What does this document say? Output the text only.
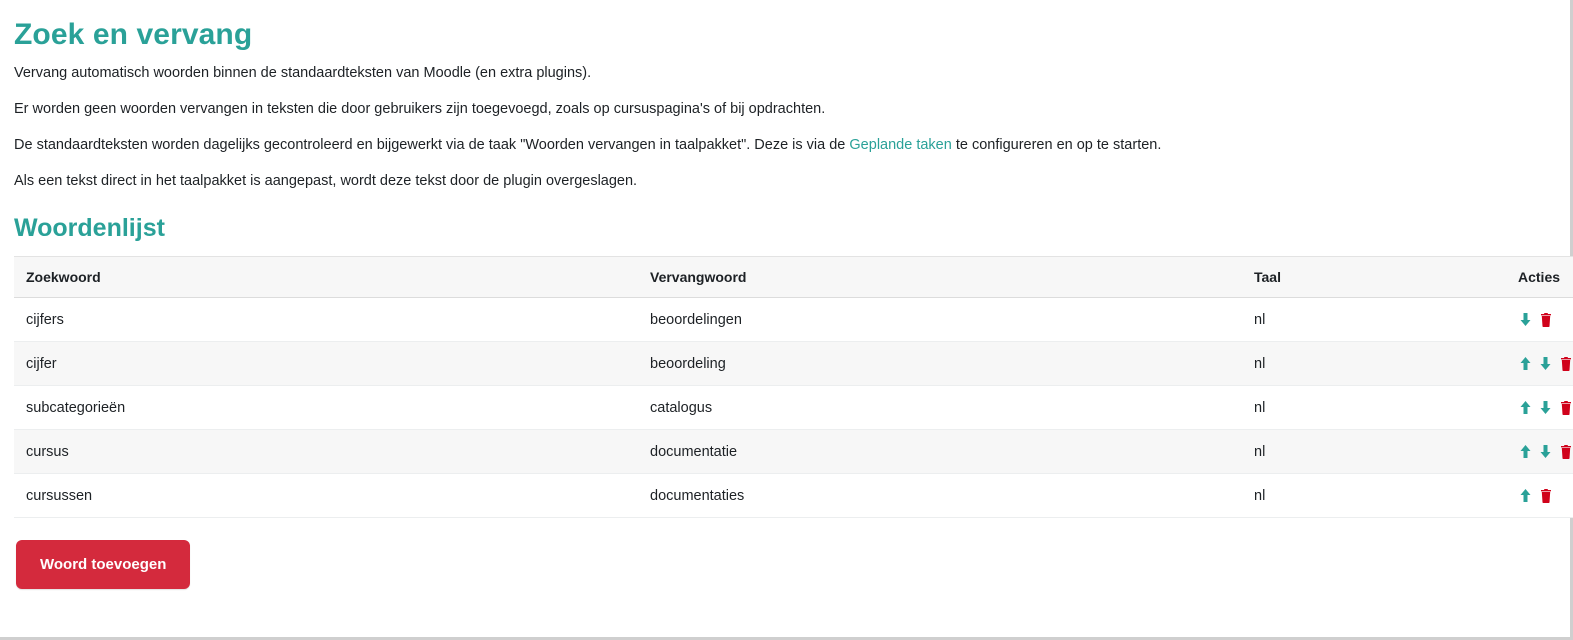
Zoek en vervang

Vervang automatisch woorden binnen de standaardteksten van Moodle (en extra plugins).

Er worden geen woorden vervangen in teksten die door gebruikers zijn toegevoegd, zoals op cursuspagina's of bij opdrachten.

De standaardteksten worden dagelijks gecontroleerd en bijgewerkt via de taak "Woorden vervangen in taalpakket". Deze is via de Geplande taken te configureren en op te starten.

Als een tekst direct in het taalpakket is aangepast, wordt deze tekst door de plugin overgeslagen.

Woordenlijst
Zoekwoord	Vervangwoord	Taal	Acties
cijfers	beoordelingen	nl	

cijfer	beoordeling	nl	

subcategorieën	catalogus	nl	

cursus	documentatie	nl	

cursussen	documentaties	nl	
Woord toevoegen
